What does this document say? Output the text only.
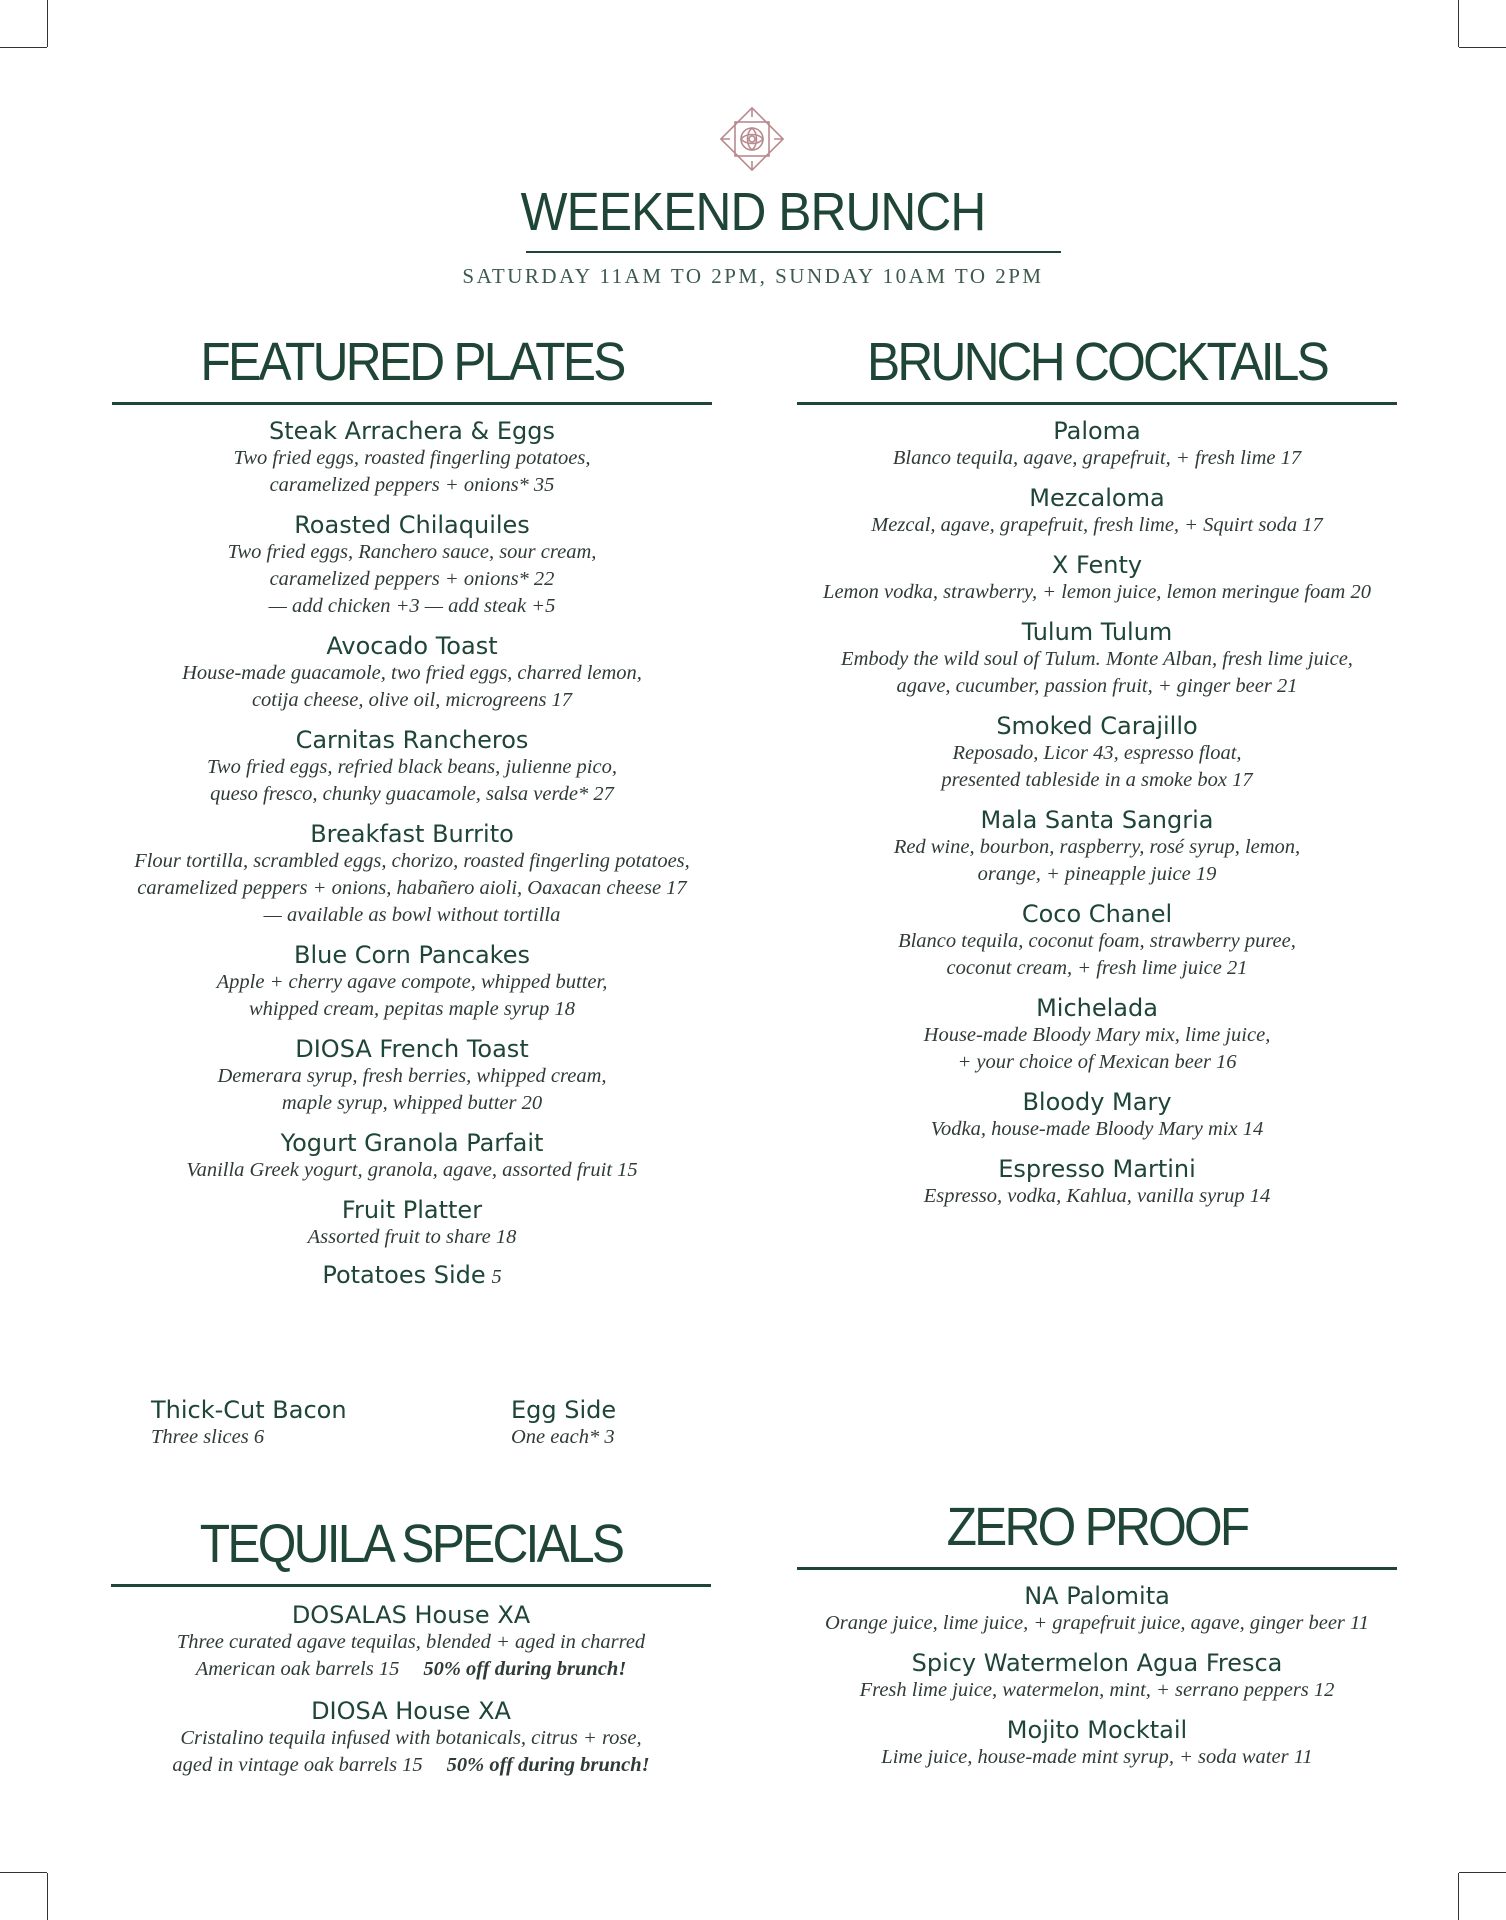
WEEKEND BRUNCH
SATURDAY 11AM TO 2PM, SUNDAY 10AM TO 2PM
FEATURED PLATES
Steak Arrachera & Eggs
Two fried eggs, roasted fingerling potatoes,
caramelized peppers + onions* 35
Roasted Chilaquiles
Two fried eggs, Ranchero sauce, sour cream,
caramelized peppers + onions* 22
— add chicken +3 — add steak +5
Avocado Toast
House-made guacamole, two fried eggs, charred lemon,
cotija cheese, olive oil, microgreens 17
Carnitas Rancheros
Two fried eggs, refried black beans, julienne pico,
queso fresco, chunky guacamole, salsa verde* 27
Breakfast Burrito
Flour tortilla, scrambled eggs, chorizo, roasted fingerling potatoes,
caramelized peppers + onions, habañero aioli, Oaxacan cheese 17
— available as bowl without tortilla
Blue Corn Pancakes
Apple + cherry agave compote, whipped butter,
whipped cream, pepitas maple syrup 18
DIOSA French Toast
Demerara syrup, fresh berries, whipped cream,
maple syrup, whipped butter 20
Yogurt Granola Parfait
Vanilla Greek yogurt, granola, agave, assorted fruit 15
Fruit Platter
Assorted fruit to share 18
Potatoes Side 5
Thick-Cut Bacon
Three slices 6
Egg Side
One each* 3
BRUNCH COCKTAILS
Paloma
Blanco tequila, agave, grapefruit, + fresh lime 17
Mezcaloma
Mezcal, agave, grapefruit, fresh lime, + Squirt soda 17
X Fenty
Lemon vodka, strawberry, + lemon juice, lemon meringue foam 20
Tulum Tulum
Embody the wild soul of Tulum. Monte Alban, fresh lime juice,
agave, cucumber, passion fruit, + ginger beer 21
Smoked Carajillo
Reposado, Licor 43, espresso float,
presented tableside in a smoke box 17
Mala Santa Sangria
Red wine, bourbon, raspberry, rosé syrup, lemon,
orange, + pineapple juice 19
Coco Chanel
Blanco tequila, coconut foam, strawberry puree,
coconut cream, + fresh lime juice 21
Michelada
House-made Bloody Mary mix, lime juice,
+ your choice of Mexican beer 16
Bloody Mary
Vodka, house-made Bloody Mary mix 14
Espresso Martini
Espresso, vodka, Kahlua, vanilla syrup 14
TEQUILA SPECIALS
DOSALAS House XA
Three curated agave tequilas, blended + aged in charred
American oak barrels 15 50% off during brunch!
DIOSA House XA
Cristalino tequila infused with botanicals, citrus + rose,
aged in vintage oak barrels 15 50% off during brunch!
ZERO PROOF
NA Palomita
Orange juice, lime juice, + grapefruit juice, agave, ginger beer 11
Spicy Watermelon Agua Fresca
Fresh lime juice, watermelon, mint, + serrano peppers 12
Mojito Mocktail
Lime juice, house-made mint syrup, + soda water 11
